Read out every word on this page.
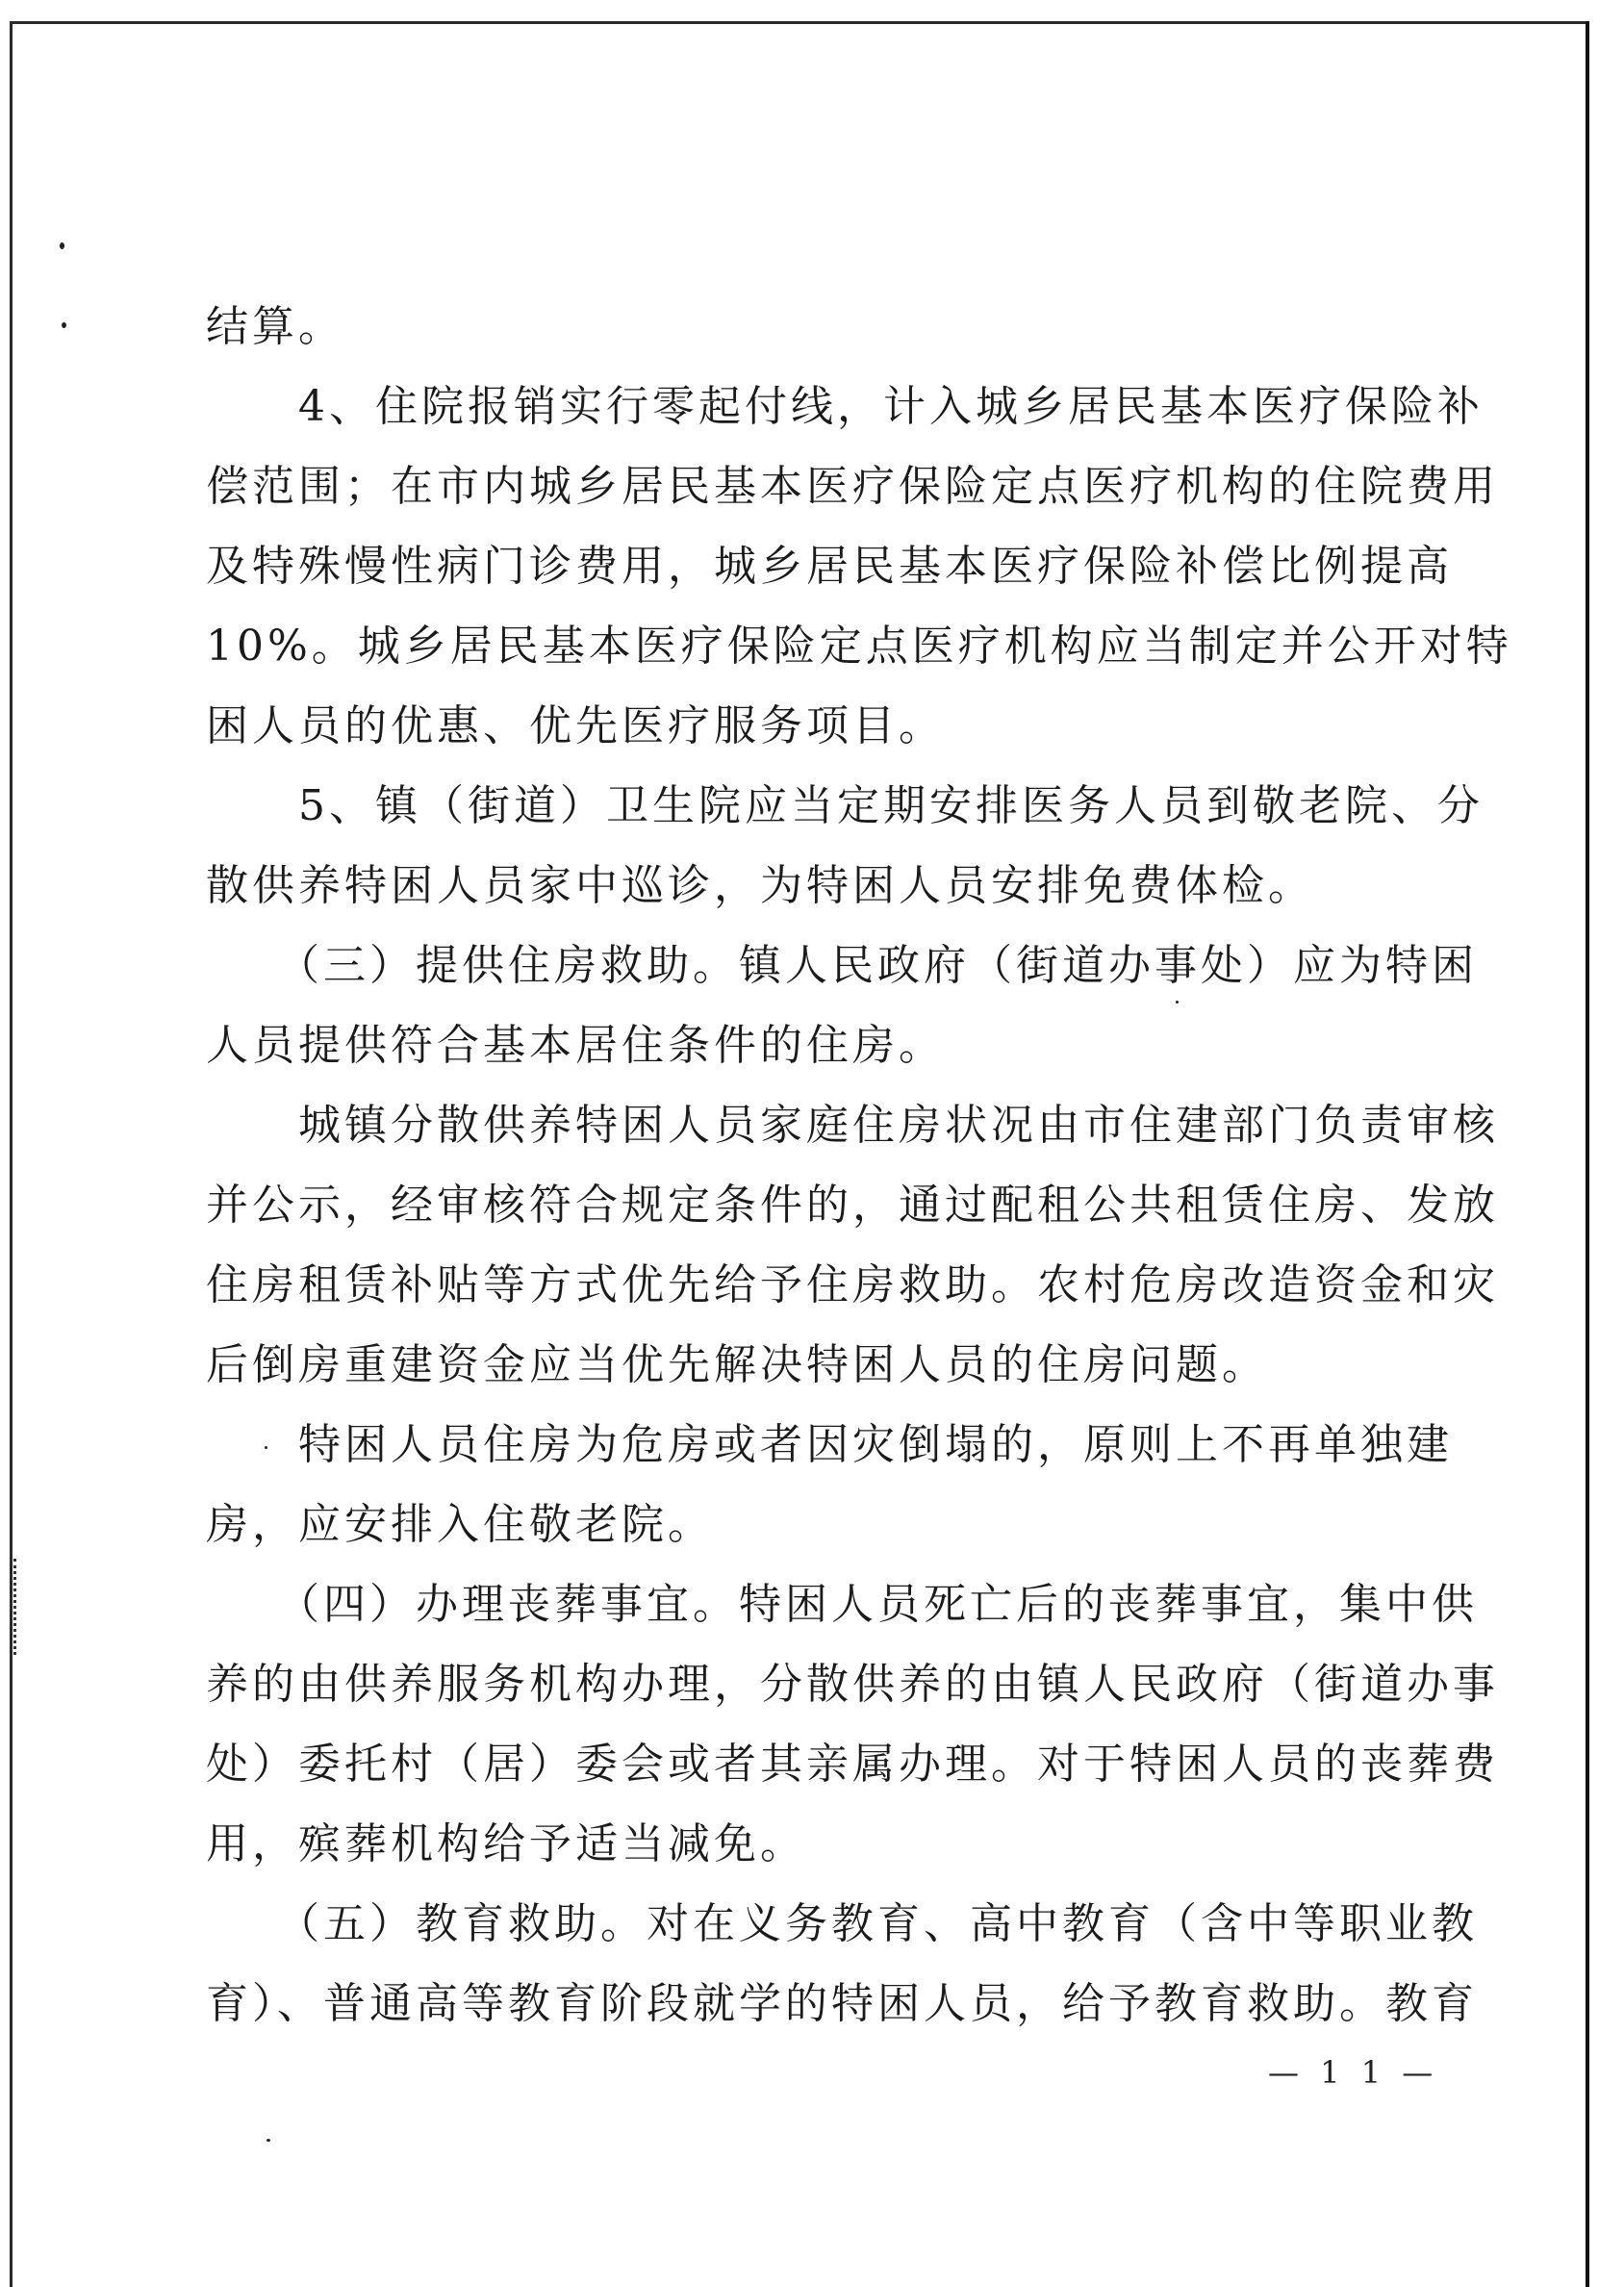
结算。
　　4、住院报销实行零起付线，计入城乡居民基本医疗保险补
偿范围；在市内城乡居民基本医疗保险定点医疗机构的住院费用
及特殊慢性病门诊费用，城乡居民基本医疗保险补偿比例提高
10%。城乡居民基本医疗保险定点医疗机构应当制定并公开对特
困人员的优惠、优先医疗服务项目。
　　5、镇（街道）卫生院应当定期安排医务人员到敬老院、分
散供养特困人员家中巡诊，为特困人员安排免费体检。
　　（三）提供住房救助。镇人民政府（街道办事处）应为特困
人员提供符合基本居住条件的住房。
　　城镇分散供养特困人员家庭住房状况由市住建部门负责审核
并公示，经审核符合规定条件的，通过配租公共租赁住房、发放
住房租赁补贴等方式优先给予住房救助。农村危房改造资金和灾
后倒房重建资金应当优先解决特困人员的住房问题。
　　特困人员住房为危房或者因灾倒塌的，原则上不再单独建
房，应安排入住敬老院。
　　（四）办理丧葬事宜。特困人员死亡后的丧葬事宜，集中供
养的由供养服务机构办理，分散供养的由镇人民政府（街道办事
处）委托村（居）委会或者其亲属办理。对于特困人员的丧葬费
用，殡葬机构给予适当减免。
　　（五）教育救助。对在义务教育、高中教育（含中等职业教
育）、普通高等教育阶段就学的特困人员，给予教育救助。教育
— 1 1 —
